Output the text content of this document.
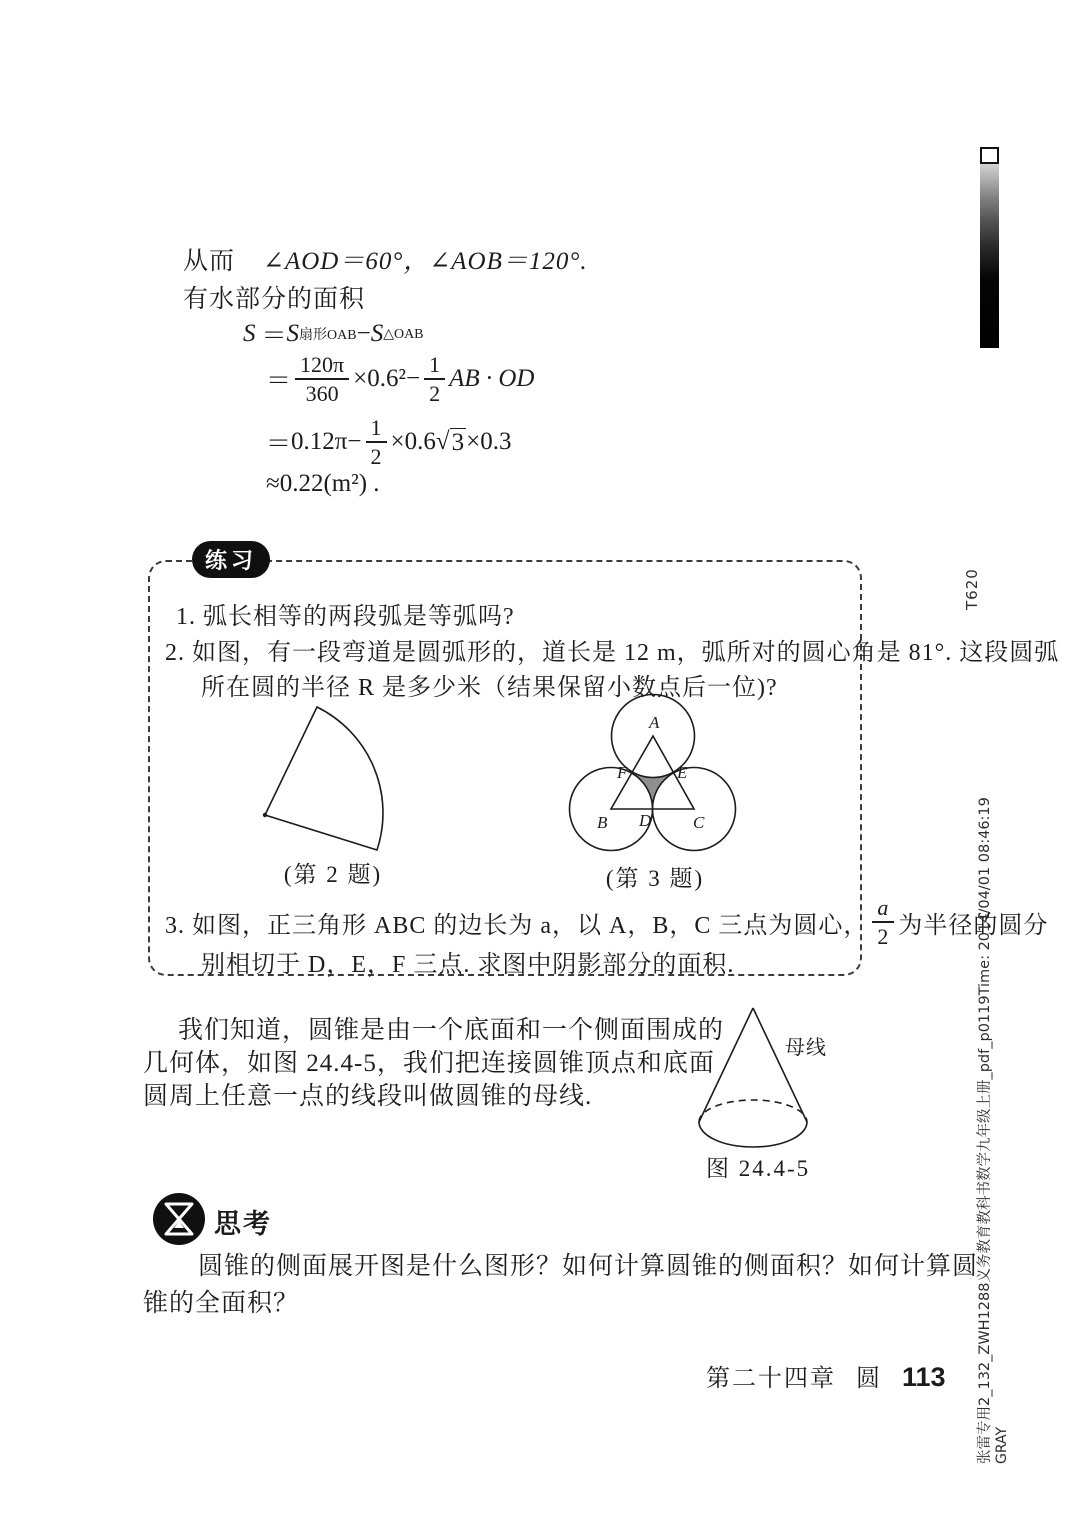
从而 ∠AOD＝60°，∠AOB＝120°.
有水部分的面积
S ＝ S 扇形OAB − S △OAB
＝ $\frac{120\pi}{360} \times 0.6^2- \frac{1}{2}$ AB · OD
＝ $0.12\pi- \frac{1}{2} \times 0.6$ √ 3 ×0.3
≈0.22(m²) .
练习
1. 弧长相等的两段弧是等弧吗?
2. 如图，有一段弯道是圆弧形的，道长是 12 m，弧所对的圆心角是 81°. 这段圆弧
所在圆的半径 R 是多少米（结果保留小数点后一位)?
(第 2 题)
A
B	C
D
E
F
(第 3 题)
3. 如图，正三角形 ABC 的边长为 a，以 A，B，C 三点为圆心， $\frac{a}{2}$ 为半径的圆分
别相切于 D，E，F 三点. 求图中阴影部分的面积.
我们知道，圆锥是由一个底面和一个侧面围成的
几何体，如图 24.4-5，我们把连接圆锥顶点和底面
圆周上任意一点的线段叫做圆锥的母线.
母线
图 24.4-5
思考
圆锥的侧面展开图是什么图形？如何计算圆锥的侧面积？如何计算圆
锥的全面积？
第二十四章 圆 113
T620
张雷专用2_132_ZWH1288义务教育教科书数学九年级上册_pdf_p0119Time: 2014/04/01 08:46:19 GRAY
